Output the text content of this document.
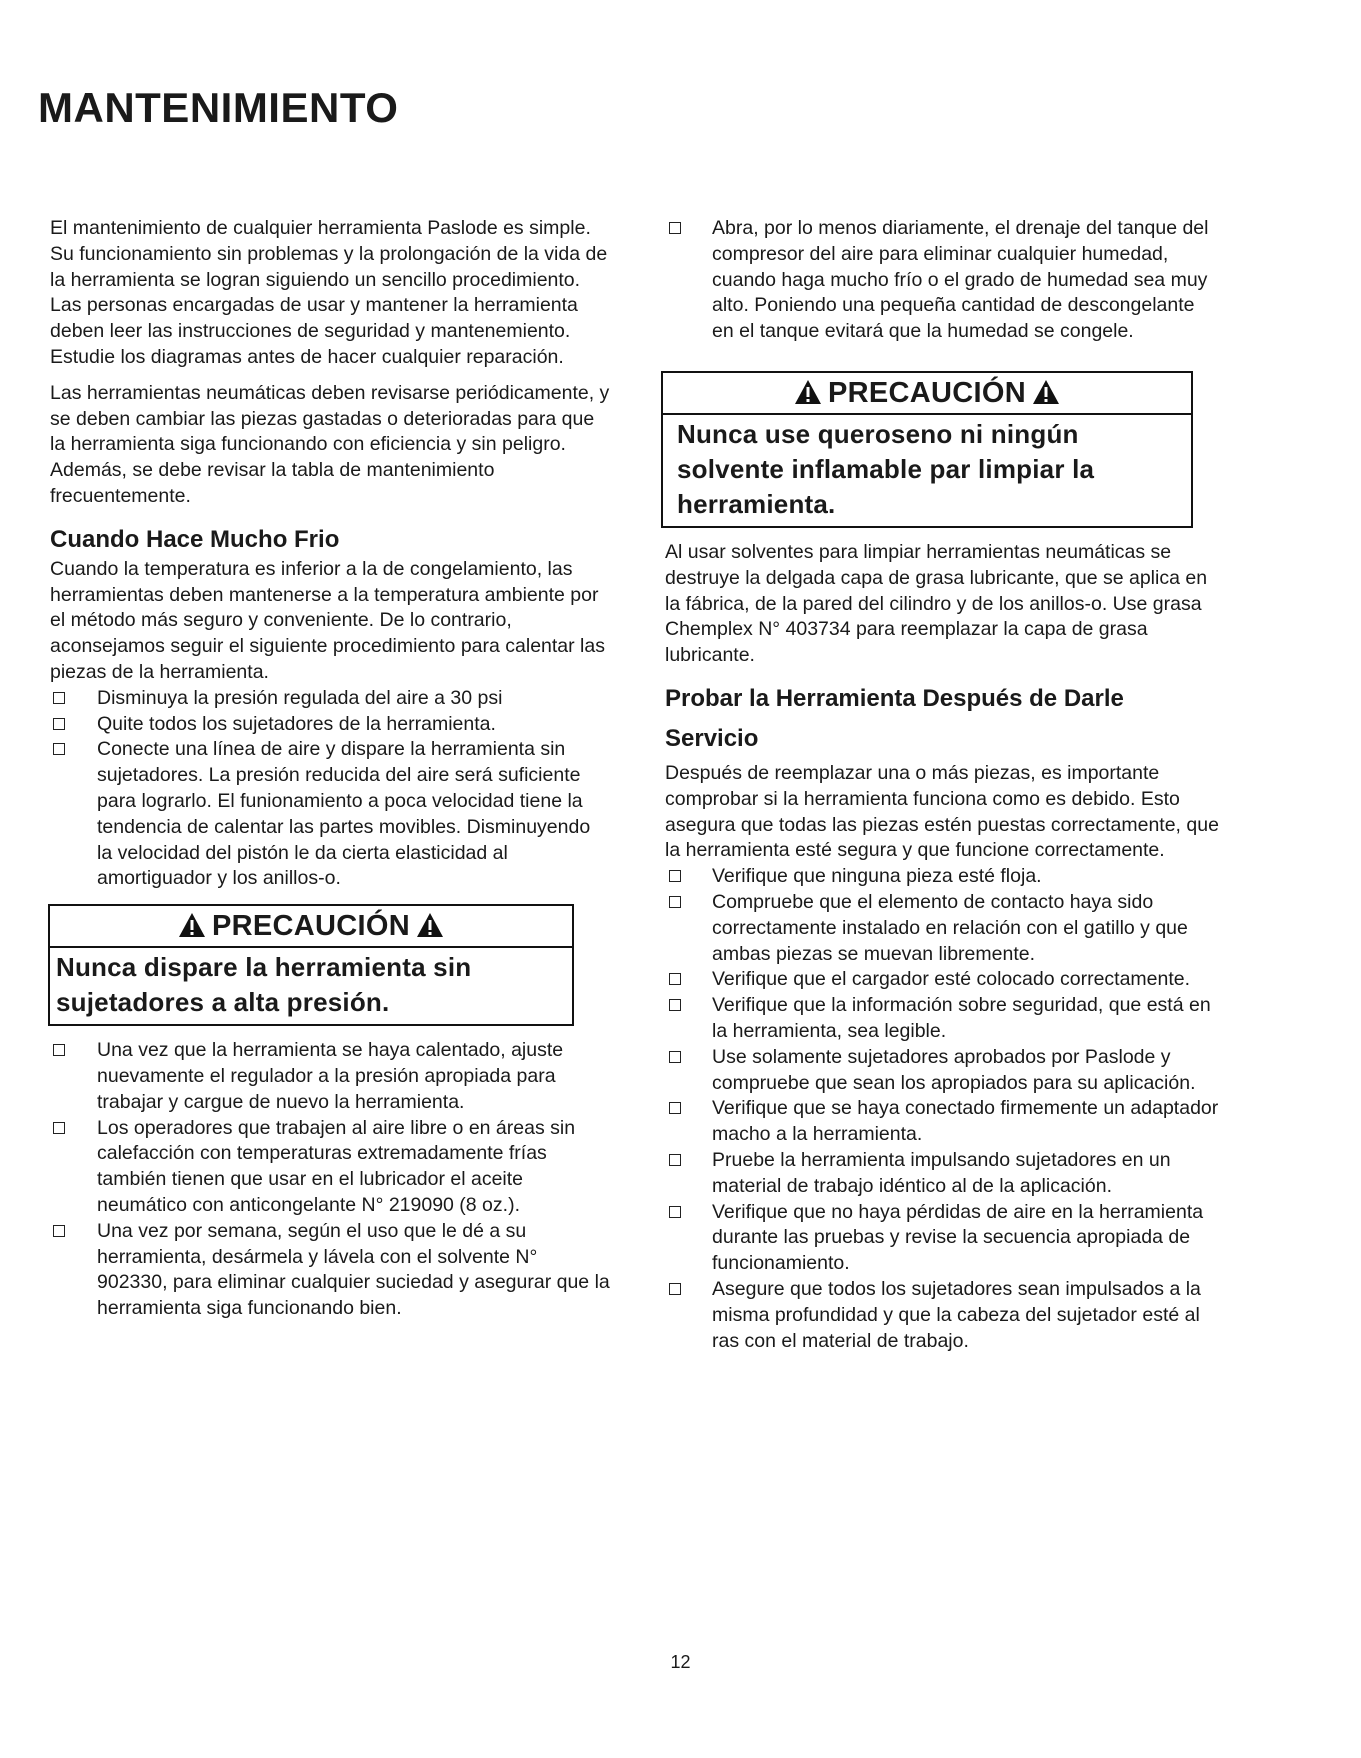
MANTENIMIENTO

El mantenimiento de cualquier herramienta Paslode es simple. Su funcionamiento sin problemas y la prolongación de la vida de la herramienta se logran siguiendo un sencillo procedimiento. Las personas encargadas de usar y mantener la herramienta deben leer las instrucciones de seguridad y mantenemiento. Estudie los diagramas antes de hacer cualquier reparación.

Las herramientas neumáticas deben revisarse periódicamente, y se deben cambiar las piezas gastadas o deterioradas para que la herramienta siga funcionando con eficiencia y sin peligro. Además, se debe revisar la tabla de mantenimiento frecuentemente.

Cuando Hace Mucho Frio

Cuando la temperatura es inferior a la de congelamiento, las herramientas deben mantenerse a la temperatura ambiente por el método más seguro y conveniente. De lo contrario, aconsejamos seguir el siguiente procedimiento para calentar las piezas de la herramienta.

Disminuya la presión regulada del aire a 30 psi
Quite todos los sujetadores de la herramienta.
Conecte una línea de aire y dispare la herramienta sin sujetadores. La presión reducida del aire será suficiente para lograrlo. El funionamiento a poca velocidad tiene la tendencia de calentar las partes movibles. Disminuyendo la velocidad del pistón le da cierta elasticidad al amortiguador y los anillos-o.
PRECAUCIÓN
Nunca dispare la herramienta sin sujetadores a alta presión.
Una vez que la herramienta se haya calentado, ajuste nuevamente el regulador a la presión apropiada para trabajar y cargue de nuevo la herramienta.
Los operadores que trabajen al aire libre o en áreas sin calefacción con temperaturas extremadamente frías también tienen que usar en el lubricador el aceite neumático con anticongelante N° 219090 (8 oz.).
Una vez por semana, según el uso que le dé a su herramienta, desármela y lávela con el solvente N° 902330, para eliminar cualquier suciedad y asegurar que la herramienta siga funcionando bien.
Abra, por lo menos diariamente, el drenaje del tanque del compresor del aire para eliminar cualquier humedad, cuando haga mucho frío o el grado de humedad sea muy alto. Poniendo una pequeña cantidad de descongelante en el tanque evitará que la humedad se congele.
PRECAUCIÓN
Nunca use queroseno ni ningún solvente inflamable par limpiar la herramienta.

Al usar solventes para limpiar herramientas neumáticas se destruye la delgada capa de grasa lubricante, que se aplica en la fábrica, de la pared del cilindro y de los anillos-o. Use grasa Chemplex N° 403734 para reemplazar la capa de grasa lubricante.

Probar la Herramienta Después de Darle Servicio

Después de reemplazar una o más piezas, es importante comprobar si la herramienta funciona como es debido. Esto asegura que todas las piezas estén puestas correctamente, que la herramienta esté segura y que funcione correctamente.

Verifique que ninguna pieza esté floja.
Compruebe que el elemento de contacto haya sido correctamente instalado en relación con el gatillo y que ambas piezas se muevan libremente.
Verifique que el cargador esté colocado correctamente.
Verifique que la información sobre seguridad, que está en la herramienta, sea legible.
Use solamente sujetadores aprobados por Paslode y compruebe que sean los apropiados para su aplicación.
Verifique que se haya conectado firmemente un adaptador macho a la herramienta.
Pruebe la herramienta impulsando sujetadores en un material de trabajo idéntico al de la aplicación.
Verifique que no haya pérdidas de aire en la herramienta durante las pruebas y revise la secuencia apropiada de funcionamiento.
Asegure que todos los sujetadores sean impulsados a la misma profundidad y que la cabeza del sujetador esté al ras con el material de trabajo.
12
